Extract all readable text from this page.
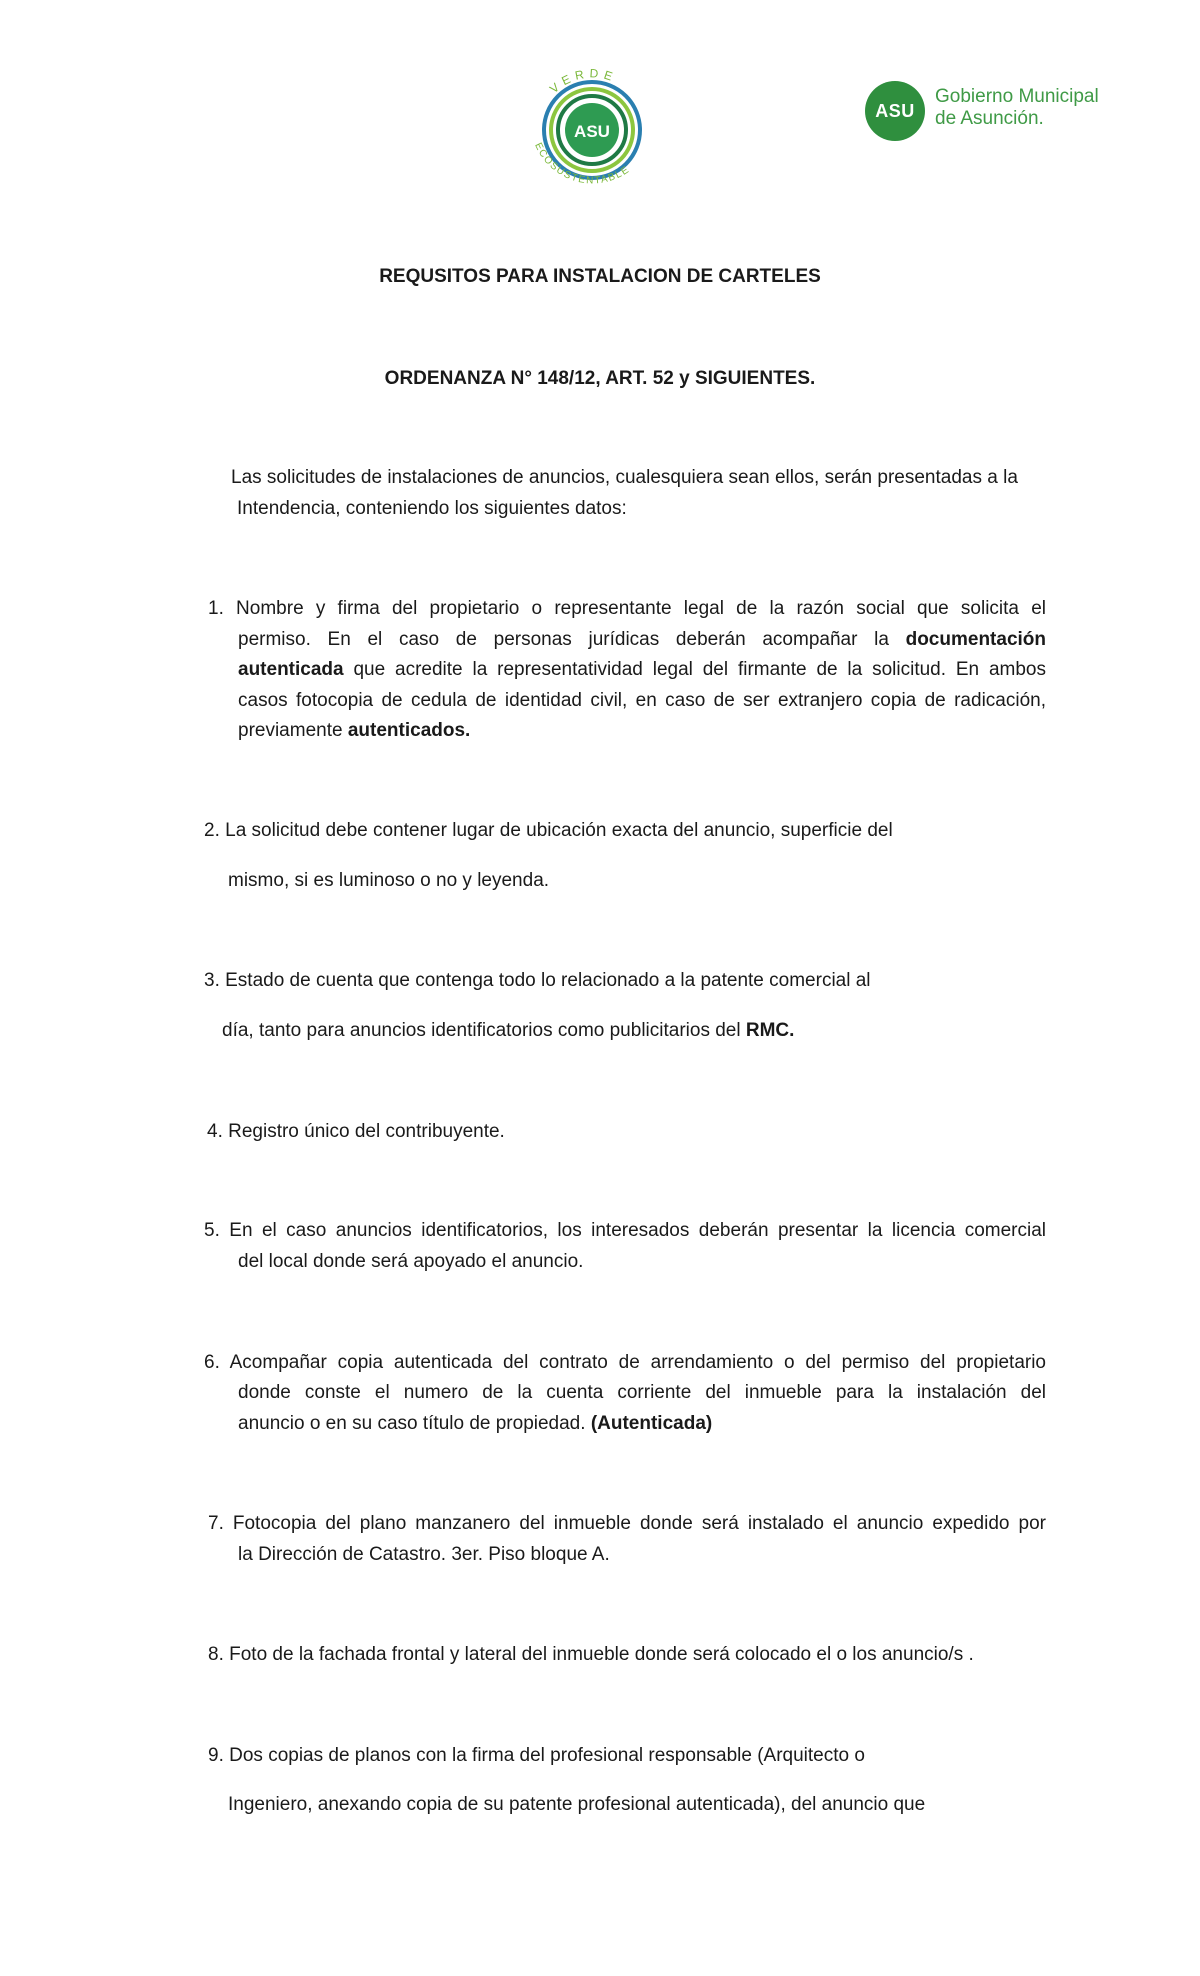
ASU
VERDE
ECOSUSTENTABLE
ASU
Gobierno Municipal
de Asunción.
REQUSITOS PARA INSTALACION DE CARTELES
ORDENANZA N° 148/12, ART. 52 y SIGUIENTES.
Las solicitudes de instalaciones de anuncios, cualesquiera sean ellos, serán presentadas a la
Intendencia, conteniendo los siguientes datos:
1. Nombre y firma del propietario o representante legal de la razón social que solicita el
permiso. En el caso de personas jurídicas deberán acompañar la documentación
autenticada que acredite la representatividad legal del firmante de la solicitud. En ambos
casos fotocopia de cedula de identidad civil, en caso de ser extranjero copia de radicación,
previamente autenticados.
2. La solicitud debe contener lugar de ubicación exacta del anuncio, superficie del
mismo, si es luminoso o no y leyenda.
3. Estado de cuenta que contenga todo lo relacionado a la patente comercial al
día, tanto para anuncios identificatorios como publicitarios del RMC.
4. Registro único del contribuyente.
5. En el caso anuncios identificatorios, los interesados deberán presentar la licencia comercial
del local donde será apoyado el anuncio.
6. Acompañar copia autenticada del contrato de arrendamiento o del permiso del propietario
donde conste el numero de la cuenta corriente del inmueble para la instalación del
anuncio o en su caso título de propiedad. (Autenticada)
7. Fotocopia del plano manzanero del inmueble donde será instalado el anuncio expedido por
la Dirección de Catastro. 3er. Piso bloque A.
8. Foto de la fachada frontal y lateral del inmueble donde será colocado el o los anuncio/s .
9. Dos copias de planos con la firma del profesional responsable (Arquitecto o
Ingeniero, anexando copia de su patente profesional autenticada), del anuncio que
